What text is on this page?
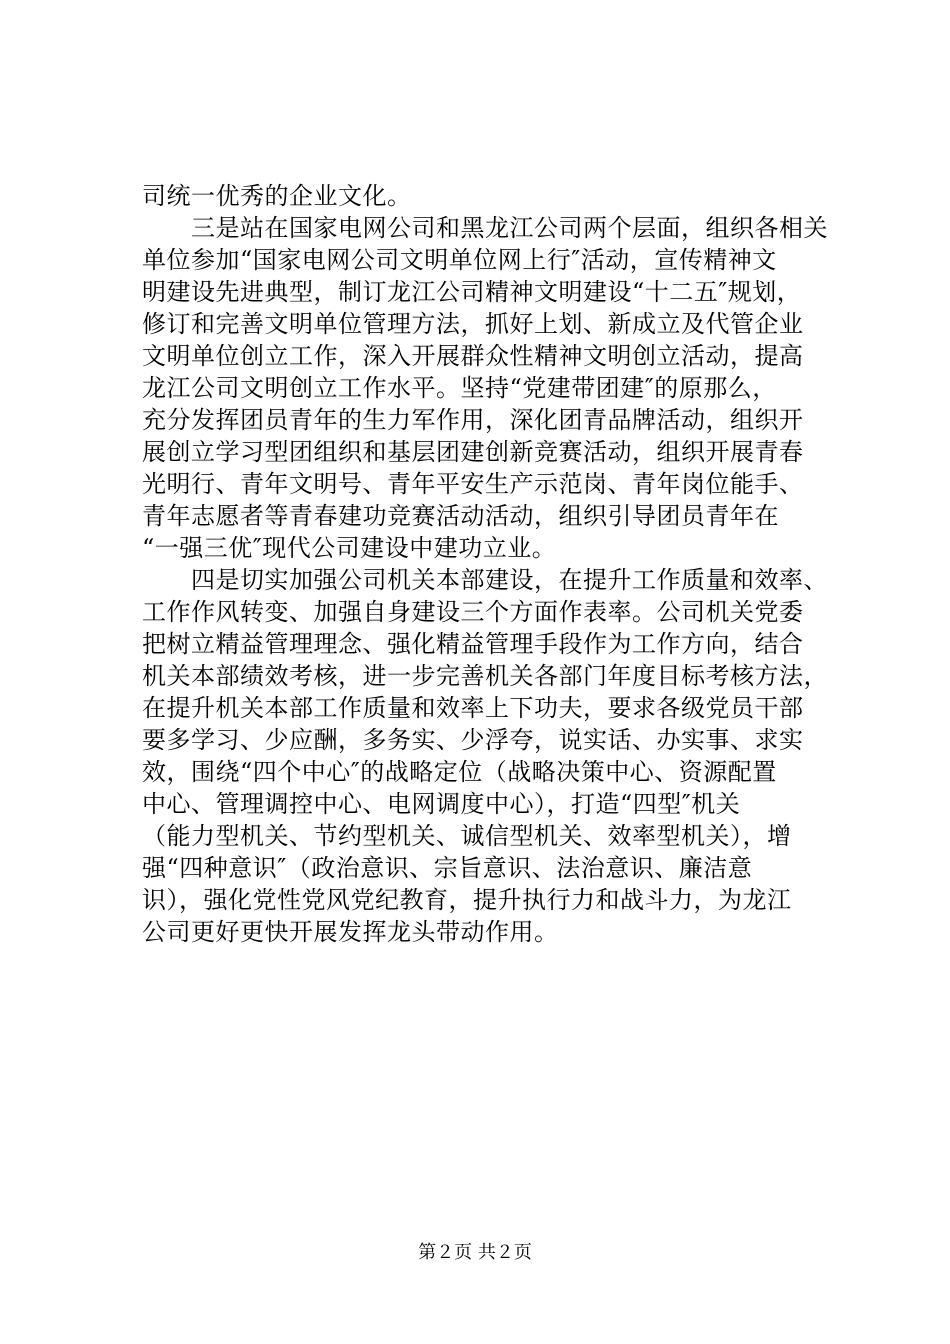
司统一优秀的企业文化。
　　三是站在国家电网公司和黑龙江公司两个层面，组织各相关
单位参加“国家电网公司文明单位网上行″活动，宣传精神文
明建设先进典型，制订龙江公司精神文明建设“十二五″规划，
修订和完善文明单位管理方法，抓好上划、新成立及代管企业
文明单位创立工作，深入开展群众性精神文明创立活动，提高
龙江公司文明创立工作水平。坚持“党建带团建″的原那么，
充分发挥团员青年的生力军作用，深化团青品牌活动，组织开
展创立学习型团组织和基层团建创新竞赛活动，组织开展青春
光明行、青年文明号、青年平安生产示范岗、青年岗位能手、
青年志愿者等青春建功竞赛活动活动，组织引导团员青年在
“一强三优″现代公司建设中建功立业。
　　四是切实加强公司机关本部建设，在提升工作质量和效率、
工作作风转变、加强自身建设三个方面作表率。公司机关党委
把树立精益管理理念、强化精益管理手段作为工作方向，结合
机关本部绩效考核，进一步完善机关各部门年度目标考核方法，
在提升机关本部工作质量和效率上下功夫，要求各级党员干部
要多学习、少应酬，多务实、少浮夸，说实话、办实事、求实
效，围绕“四个中心″的战略定位（战略决策中心、资源配置
中心、管理调控中心、电网调度中心），打造“四型″机关
（能力型机关、节约型机关、诚信型机关、效率型机关），增
强“四种意识″（政治意识、宗旨意识、法治意识、廉洁意
识），强化党性党风党纪教育，提升执行力和战斗力，为龙江
公司更好更快开展发挥龙头带动作用。
第２页 共２页
